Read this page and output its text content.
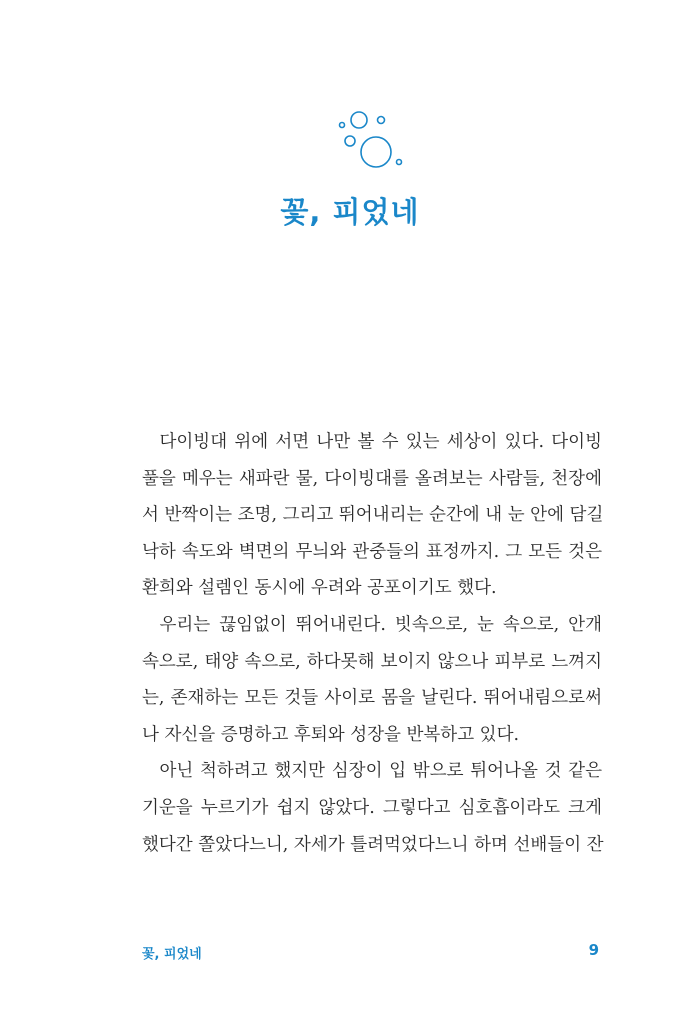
꽃, 피었네
다이빙대 위에 서면 나만 볼 수 있는 세상이 있다. 다이빙
풀을 메우는 새파란 물, 다이빙대를 올려보는 사람들, 천장에
서 반짝이는 조명, 그리고 뛰어내리는 순간에 내 눈 안에 담길
낙하 속도와 벽면의 무늬와 관중들의 표정까지. 그 모든 것은
환희와 설렘인 동시에 우려와 공포이기도 했다.
우리는 끊임없이 뛰어내린다. 빗속으로, 눈 속으로, 안개
속으로, 태양 속으로, 하다못해 보이지 않으나 피부로 느껴지
는, 존재하는 모든 것들 사이로 몸을 날린다. 뛰어내림으로써
나 자신을 증명하고 후퇴와 성장을 반복하고 있다.
아닌 척하려고 했지만 심장이 입 밖으로 튀어나올 것 같은
기운을 누르기가 쉽지 않았다. 그렇다고 심호흡이라도 크게
했다간 쫄았다느니, 자세가 틀려먹었다느니 하며 선배들이 잔
꽃, 피었네	9
